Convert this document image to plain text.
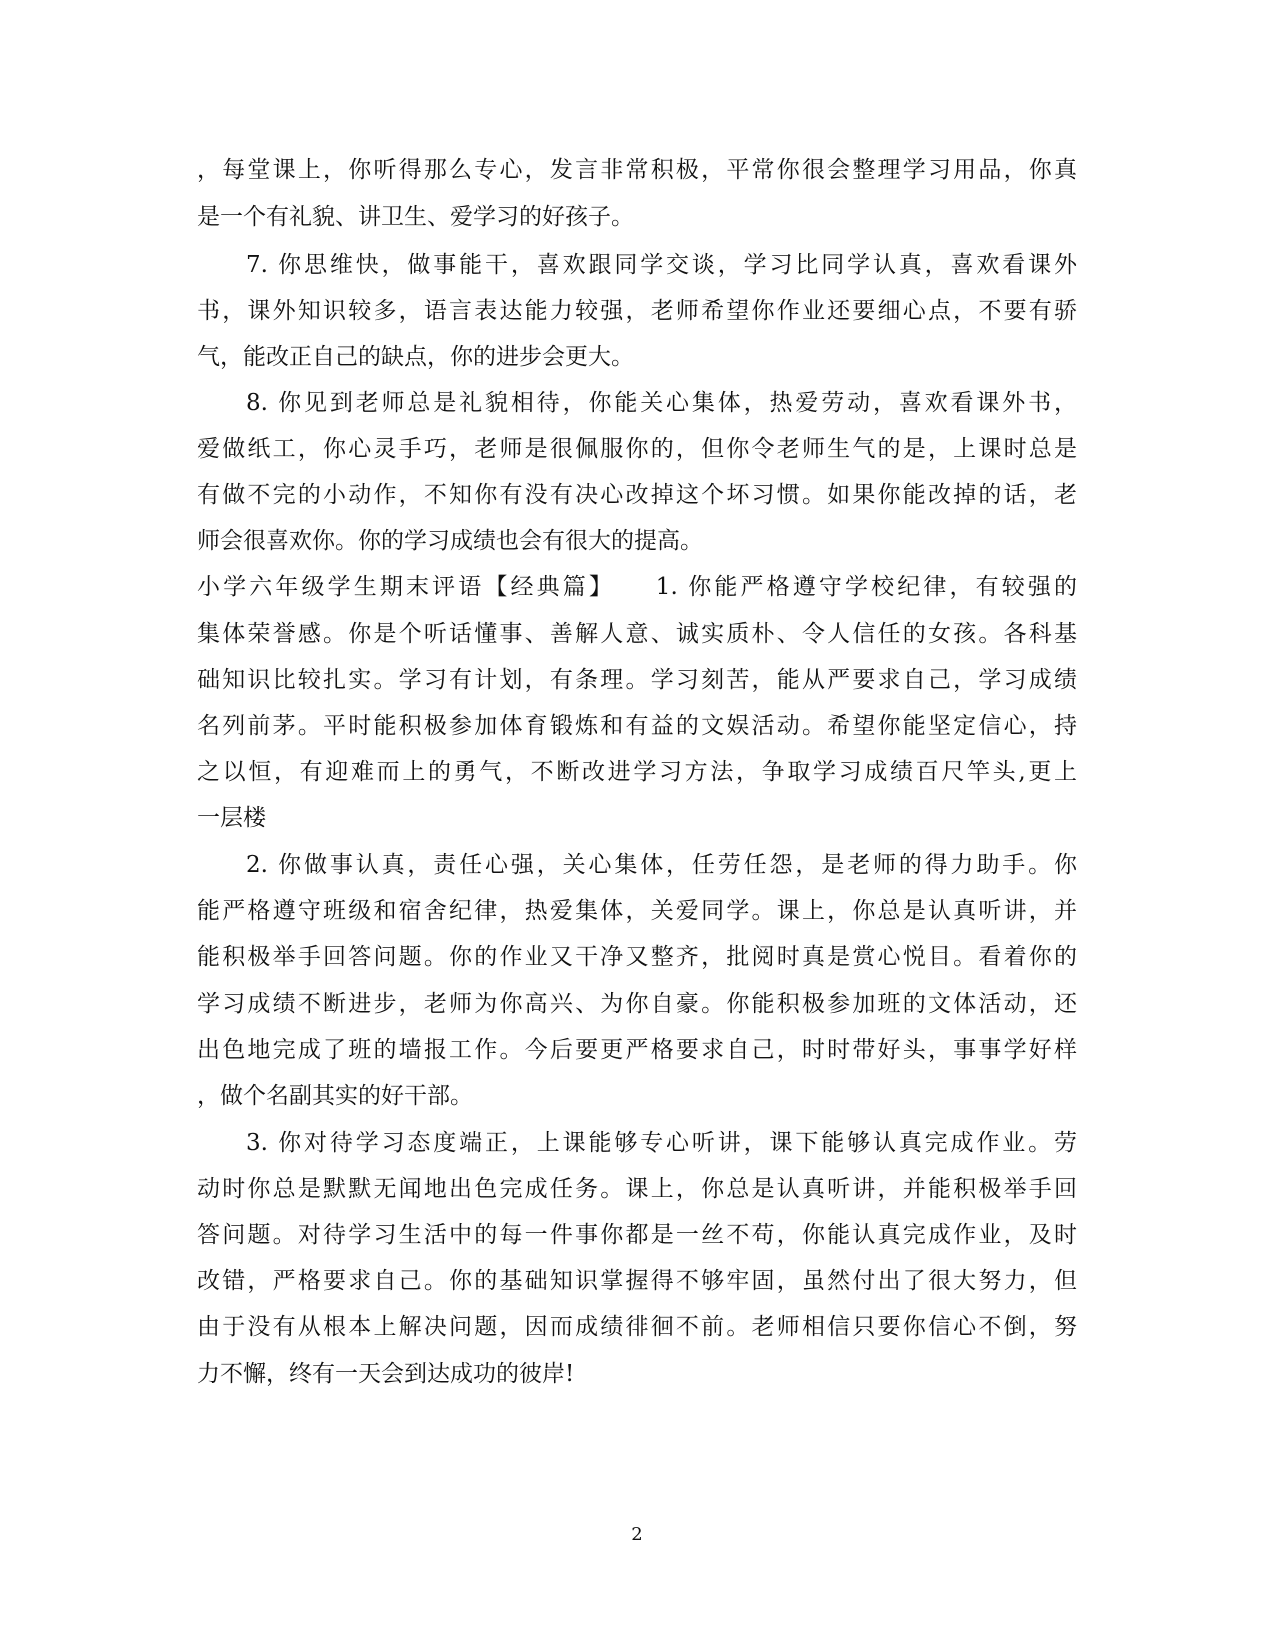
，每堂课上，你听得那么专心，发言非常积极，平常你很会整理学习用品，你真
是一个有礼貌、讲卫生、爱学习的好孩子。
7. 你思维快，做事能干，喜欢跟同学交谈，学习比同学认真，喜欢看课外
书，课外知识较多，语言表达能力较强，老师希望你作业还要细心点，不要有骄
气，能改正自己的缺点，你的进步会更大。
8. 你见到老师总是礼貌相待，你能关心集体，热爱劳动，喜欢看课外书，
爱做纸工，你心灵手巧，老师是很佩服你的，但你令老师生气的是，上课时总是
有做不完的小动作，不知你有没有决心改掉这个坏习惯。如果你能改掉的话，老
师会很喜欢你。你的学习成绩也会有很大的提高。
小学六年级学生期末评语【经典篇】　　1. 你能严格遵守学校纪律，有较强的
集体荣誉感。你是个听话懂事、善解人意、诚实质朴、令人信任的女孩。各科基
础知识比较扎实。学习有计划，有条理。学习刻苦，能从严要求自己，学习成绩
名列前茅。平时能积极参加体育锻炼和有益的文娱活动。希望你能坚定信心，持
之以恒，有迎难而上的勇气，不断改进学习方法，争取学习成绩百尺竿头,更上
一层楼
2. 你做事认真，责任心强，关心集体，任劳任怨，是老师的得力助手。你
能严格遵守班级和宿舍纪律，热爱集体，关爱同学。课上，你总是认真听讲，并
能积极举手回答问题。你的作业又干净又整齐，批阅时真是赏心悦目。看着你的
学习成绩不断进步，老师为你高兴、为你自豪。你能积极参加班的文体活动，还
出色地完成了班的墙报工作。今后要更严格要求自己，时时带好头，事事学好样
，做个名副其实的好干部。
3. 你对待学习态度端正，上课能够专心听讲，课下能够认真完成作业。劳
动时你总是默默无闻地出色完成任务。课上，你总是认真听讲，并能积极举手回
答问题。对待学习生活中的每一件事你都是一丝不苟，你能认真完成作业，及时
改错，严格要求自己。你的基础知识掌握得不够牢固，虽然付出了很大努力，但
由于没有从根本上解决问题，因而成绩徘徊不前。老师相信只要你信心不倒，努
力不懈，终有一天会到达成功的彼岸!
2
